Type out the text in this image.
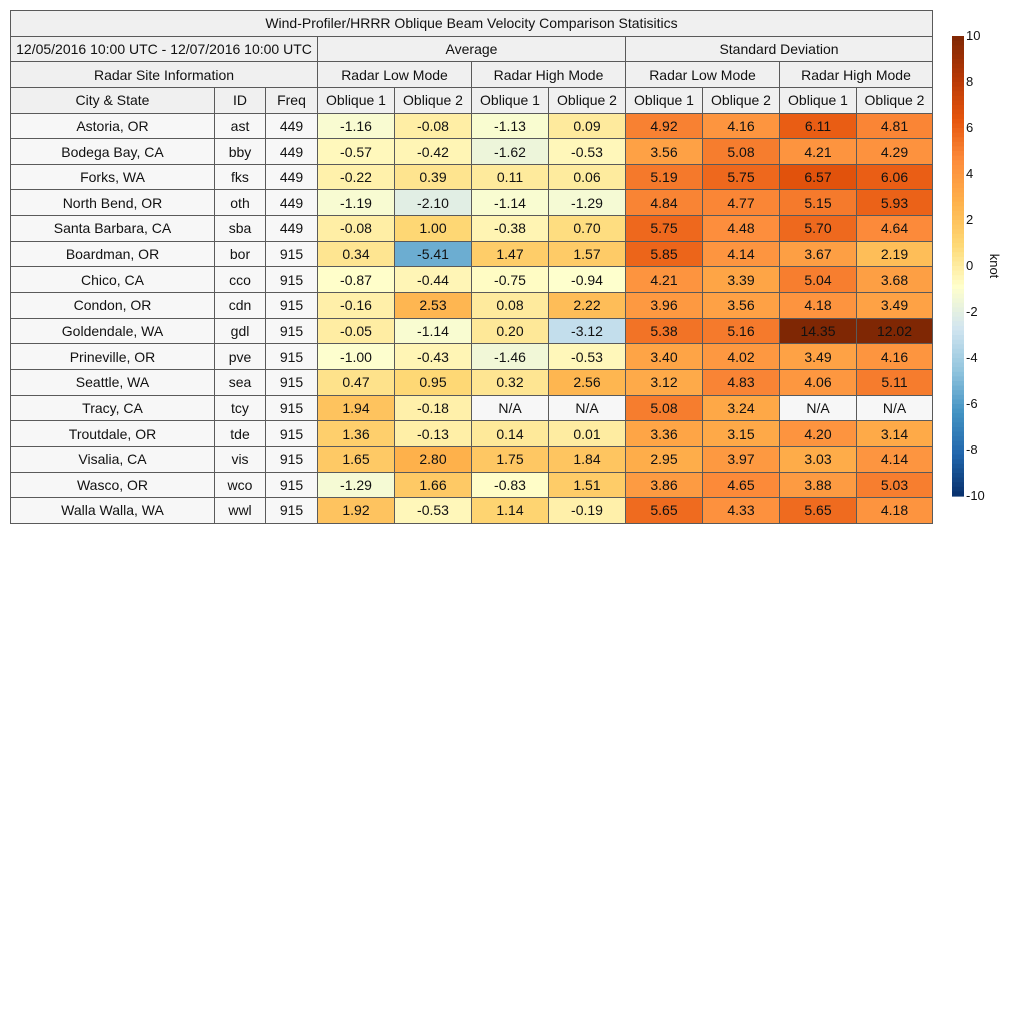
Wind-Profiler/HRRR Oblique Beam Velocity Comparison Statisitics										
12/05/2016 10:00 UTC - 12/07/2016 10:00 UTC			Average				Standard Deviation			
Radar Site Information			Radar Low Mode		Radar High Mode		Radar Low Mode		Radar High Mode	
City & State	ID	Freq	Oblique 1	Oblique 2	Oblique 1	Oblique 2	Oblique 1	Oblique 2	Oblique 1	Oblique 2
Astoria, OR	ast	449	-1.16	-0.08	-1.13	0.09	4.92	4.16	6.11	4.81
Bodega Bay, CA	bby	449	-0.57	-0.42	-1.62	-0.53	3.56	5.08	4.21	4.29
Forks, WA	fks	449	-0.22	0.39	0.11	0.06	5.19	5.75	6.57	6.06
North Bend, OR	oth	449	-1.19	-2.10	-1.14	-1.29	4.84	4.77	5.15	5.93
Santa Barbara, CA	sba	449	-0.08	1.00	-0.38	0.70	5.75	4.48	5.70	4.64
Boardman, OR	bor	915	0.34	-5.41	1.47	1.57	5.85	4.14	3.67	2.19
Chico, CA	cco	915	-0.87	-0.44	-0.75	-0.94	4.21	3.39	5.04	3.68
Condon, OR	cdn	915	-0.16	2.53	0.08	2.22	3.96	3.56	4.18	3.49
Goldendale, WA	gdl	915	-0.05	-1.14	0.20	-3.12	5.38	5.16	14.35	12.02
Prineville, OR	pve	915	-1.00	-0.43	-1.46	-0.53	3.40	4.02	3.49	4.16
Seattle, WA	sea	915	0.47	0.95	0.32	2.56	3.12	4.83	4.06	5.11
Tracy, CA	tcy	915	1.94	-0.18	N/A	N/A	5.08	3.24	N/A	N/A
Troutdale, OR	tde	915	1.36	-0.13	0.14	0.01	3.36	3.15	4.20	3.14
Visalia, CA	vis	915	1.65	2.80	1.75	1.84	2.95	3.97	3.03	4.14
Wasco, OR	wco	915	-1.29	1.66	-0.83	1.51	3.86	4.65	3.88	5.03
Walla Walla, WA	wwl	915	1.92	-0.53	1.14	-0.19	5.65	4.33	5.65	4.18
10
8
6
4
2
0
-2
-4
-6
-8
-10
knot
